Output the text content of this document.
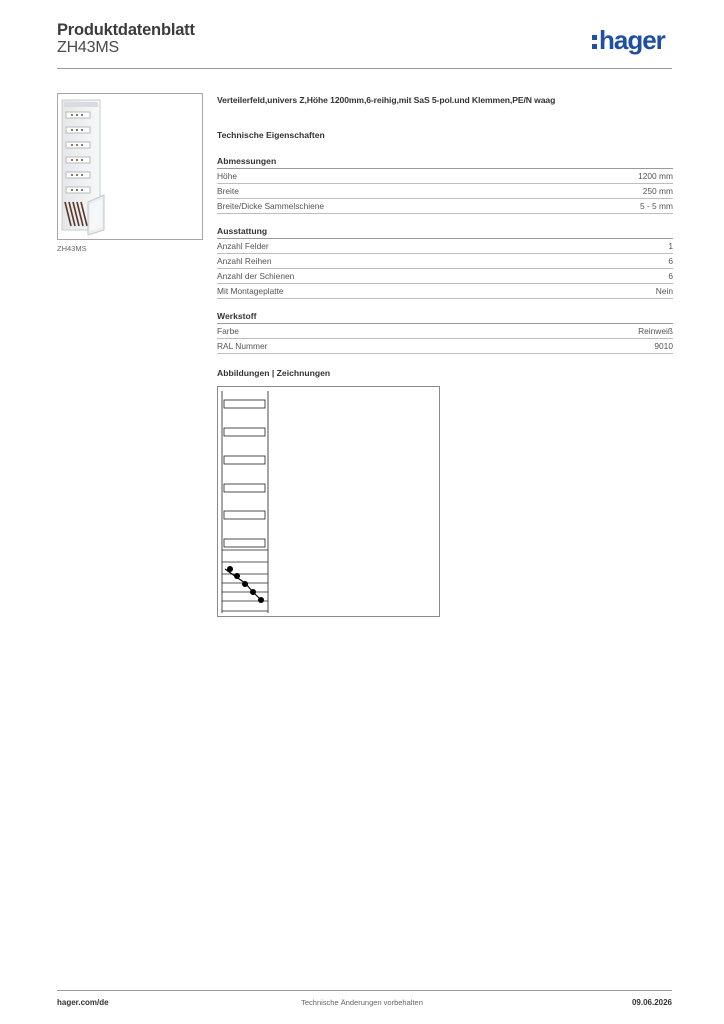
Produktdatenblatt
ZH43MS	hager
ZH43MS
Verteilerfeld,univers Z,Höhe 1200mm,6-reihig,mit SaS 5-pol.und Klemmen,PE/N waag
Technische Eigenschaften
Abmessungen
Höhe	1200 mm
Breite	250 mm
Breite/Dicke Sammelschiene	5 - 5 mm
Ausstattung
Anzahl Felder	1
Anzahl Reihen	6
Anzahl der Schienen	6
Mit Montageplatte	Nein
Werkstoff
Farbe	Reinweiß
RAL Nummer	9010
Abbildungen | Zeichnungen
hager.com/de	Technische Änderungen vorbehalten	09.06.2026
